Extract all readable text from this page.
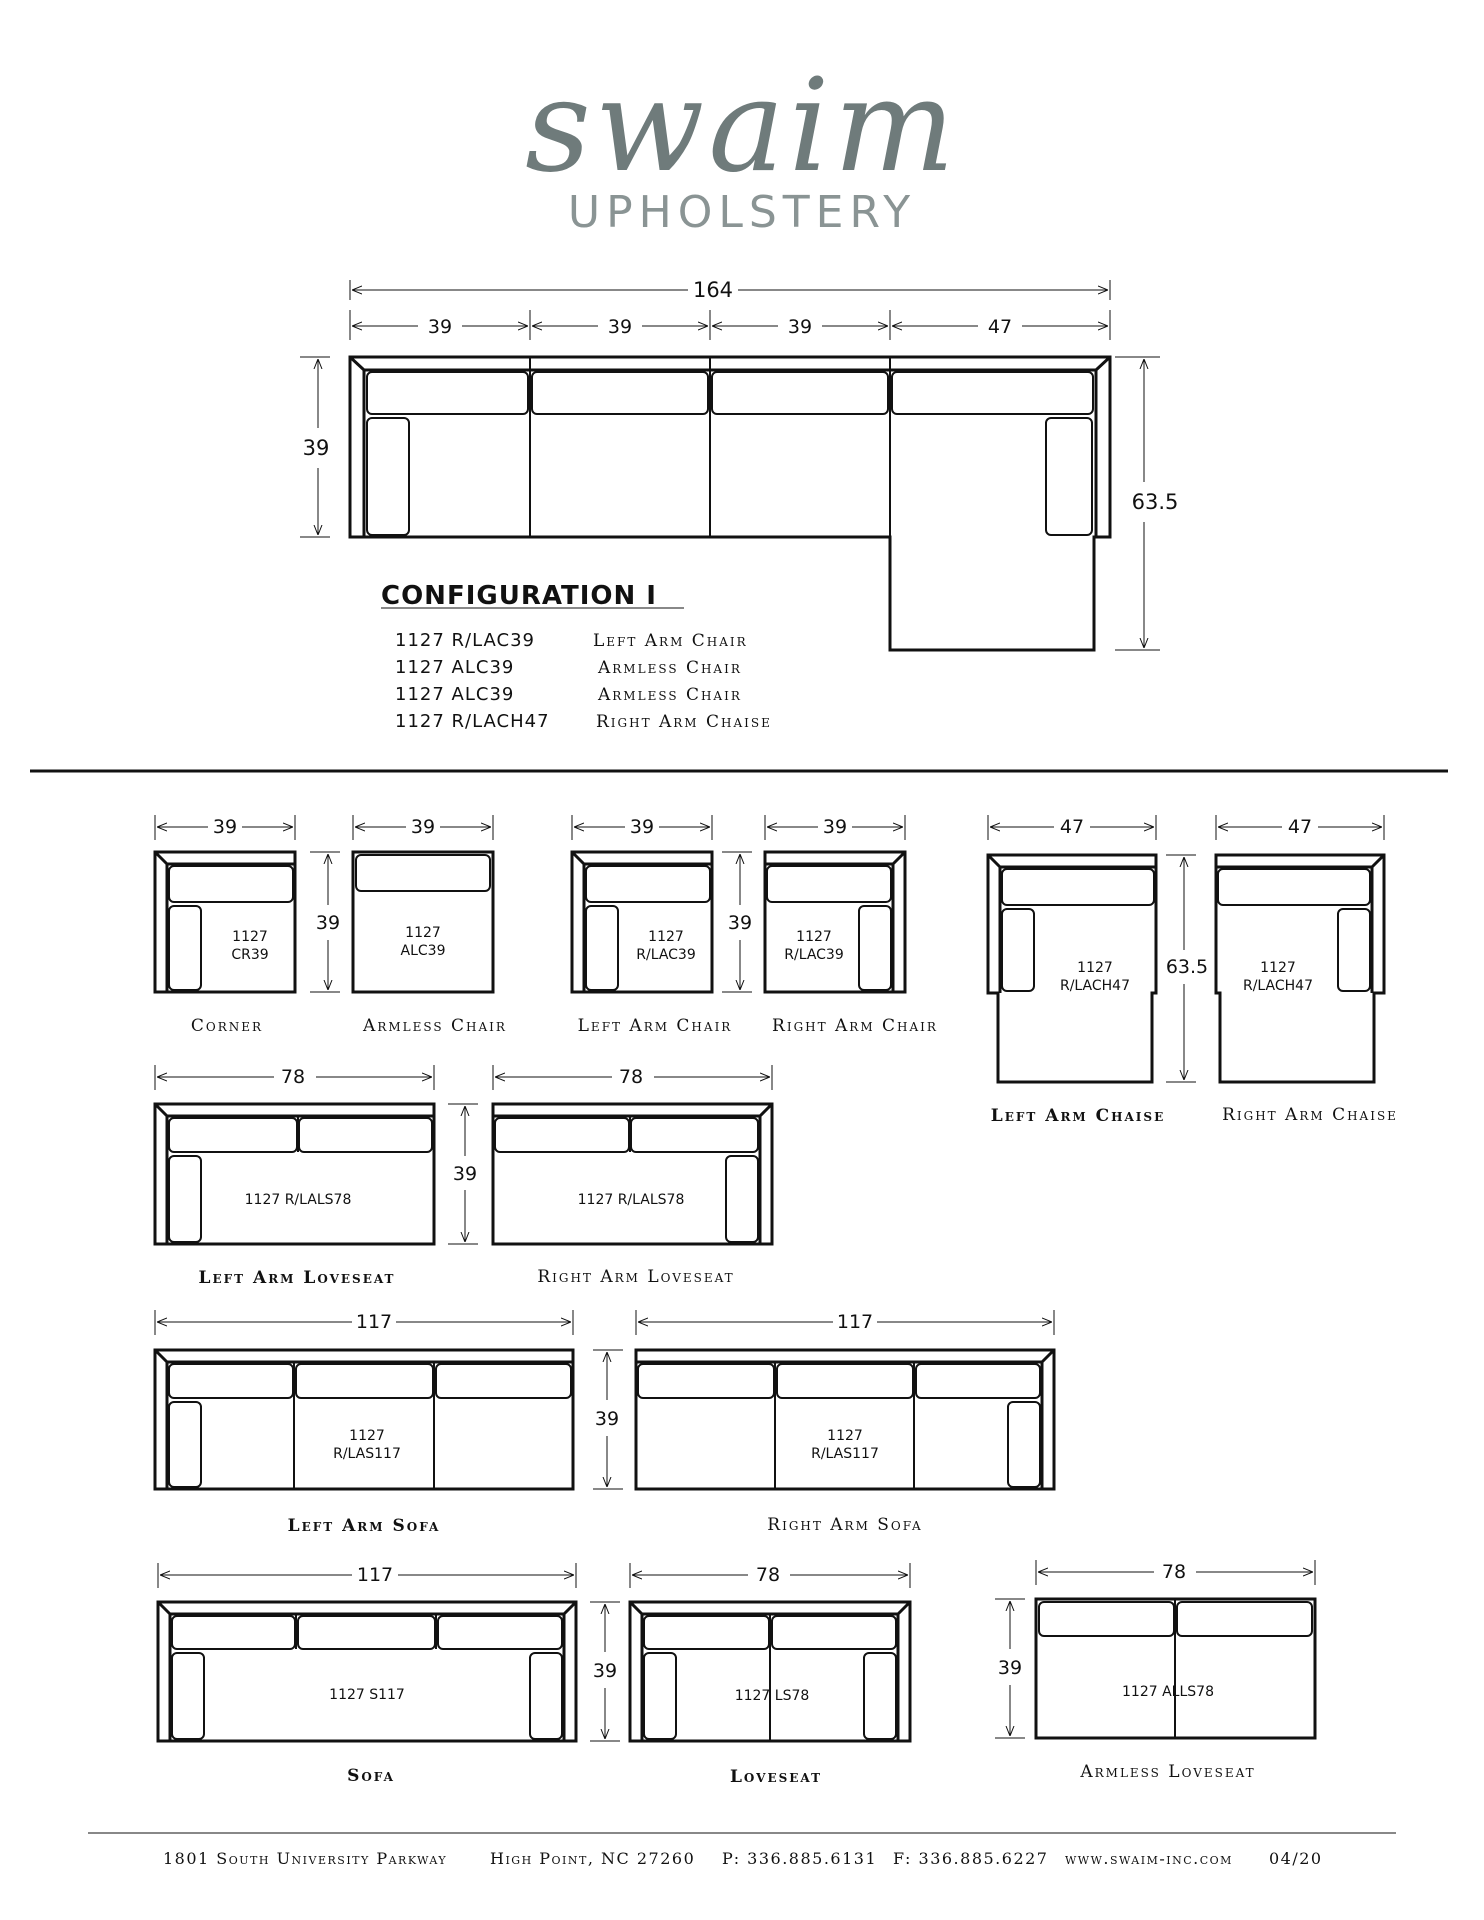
swaim
UPHOLSTERY
164
39	39	39	47
39
63.5
CONFIGURATION I
1127 R/LAC39	Left Arm Chair
1127 ALC39	Armless Chair
1127 ALC39	Armless Chair
1127 R/LACH47	Right Arm Chaise
39
1127
CR39
Corner
39
39
1127
ALC39
Armless Chair
39
1127
R/LAC39
Left Arm Chair
39
39
1127
R/LAC39
Right Arm Chair
47
1127
R/LACH47
Left Arm Chaise
63.5
47
1127
R/LACH47
Right Arm Chaise
78
1127 R/LALS78
Left Arm Loveseat
39
78
1127 R/LALS78
Right Arm Loveseat
117
1127
R/LAS117
Left Arm Sofa
117
1127
R/LAS117
Right Arm Sofa
39
117
1127 S117
Sofa
39
78
1127 LS78
Loveseat
78
1127 ALLS78
Armless Loveseat
39
1801 South University Parkway	High Point, NC 27260 P: 336.885.6131 F: 336.885.6227 www.swaim-inc.com 04/20
